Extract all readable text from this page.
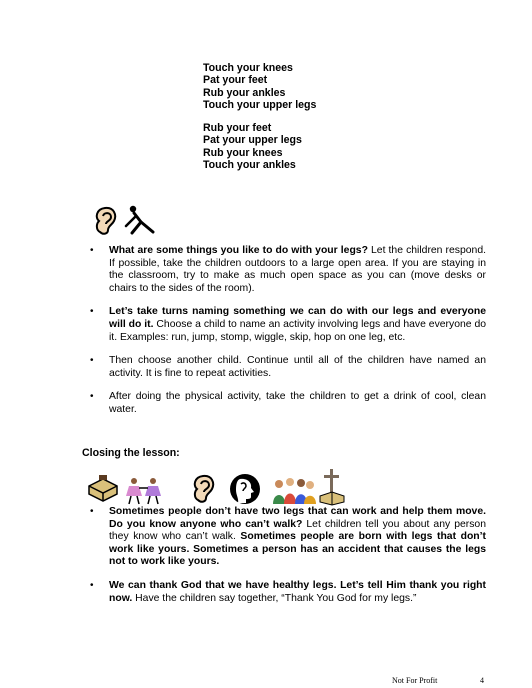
Touch your knees
Pat your feet
Rub your ankles
Touch your upper legs
Rub your feet
Pat your upper legs
Rub your knees
Touch your ankles
• What are some things you like to do with your legs? Let the children respond. If possible, take the children outdoors to a large open area. If you are staying in the classroom, try to make as much open space as you can (move desks or chairs to the sides of the room).
• Let’s take turns naming something we can do with our legs and everyone will do it. Choose a child to name an activity involving legs and have everyone do it. Examples: run, jump, stomp, wiggle, skip, hop on one leg, etc.
• Then choose another child. Continue until all of the children have named an activity. It is fine to repeat activities.
• After doing the physical activity, take the children to get a drink of cool, clean water.
Closing the lesson:
• Sometimes people don’t have two legs that can work and help them move. Do you know anyone who can’t walk? Let children tell you about any person they know who can’t walk. Sometimes people are born with legs that don’t work like yours. Sometimes a person has an accident that causes the legs not to work like yours.
• We can thank God that we have healthy legs. Let’s tell Him thank you right now. Have the children say together, “Thank You God for my legs.”
Not For Profit	4
